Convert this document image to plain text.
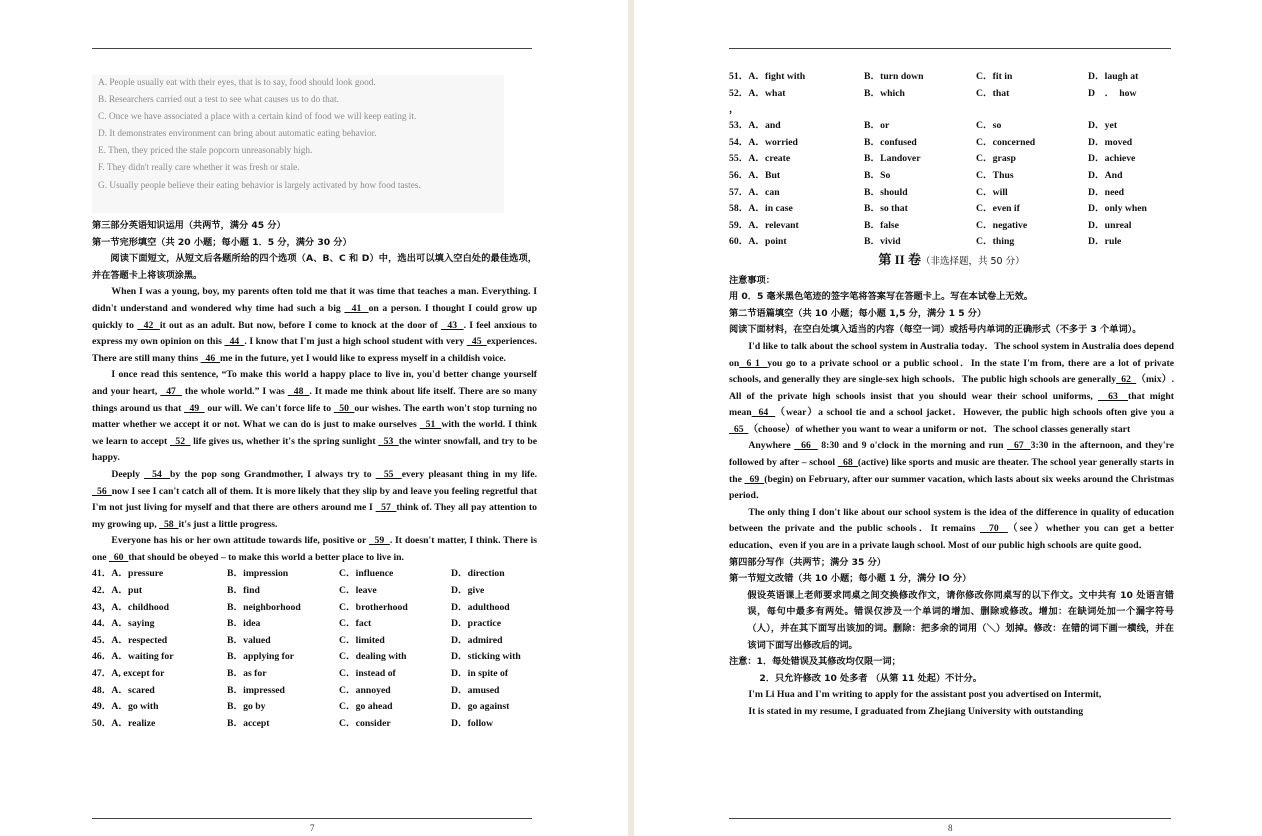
A. People usually eat with their eyes, that is to say, food should look good.
B. Researchers carried out a test to see what causes us to do that.
C. Once we have associated a place with a certain kind of food we will keep eating it.
D. It demonstrates environment can bring about automatic eating behavior.
E. Then, they priced the stale popcorn unreasonably high.
F. They didn't really care whether it was fresh or stale.
G. Usually people believe their eating behavior is largely activated by how food tastes.
第三部分英语知识运用（共两节，满分 45 分）
第一节完形填空（共 20 小题；每小题 1．5 分，满分 30 分）
阅读下面短文，从短文后各题所给的四个选项（A、B、C 和 D）中，选出可以填入空白处的最佳选项，并在答题卡上将该项涂黑。
When I was a young, boy, my parents often told me that it was time that teaches a man. Everything. I didn't understand and wondered why time had such a big   41  on a person. I thought I could grow up quickly to   42  it out as an adult. But now, before I come to knock at the door of   43  . I feel anxious to express my own opinion on this   44  . I know that I'm just a high school student with very   45  experiences. There are still many thins   46  me in the future, yet I would like to express myself in a childish voice.
I once read this sentence, “To make this world a happy place to live in, you'd better change yourself and your heart,   47   the whole world.” I was   48  . It made me think about life itself. There are so many things around us that   49   our will. We can't force life to   50  our wishes. The earth won't stop turning no matter whether we accept it or not. What we can do is just to make ourselves   51  with the world. I think we learn to accept   52   life gives us, whether it's the spring sunlight   53  the winter snowfall, and try to be happy.
Deeply   54  by the pop song Grandmother, I always try to   55  every pleasant thing in my life.   56  now I see I can't catch all of them. It is more likely that they slip by and leave you feeling regretful that I'm not just living for myself and that there are others around me I   57  think of. They all pay attention to my growing up,   58  it's just a little progress.
Everyone has his or her own attitude towards life, positive or   59  . It doesn't matter, I think. There is one   60  that should be obeyed – to make this world a better place to live in.
41．A．pressure	B．impression	C．influence	D．direction
42．A．put	B．find	C．leave	D．give
43，A．childhood	B．neighborhood	C．brotherhood	D．adulthood
44．A．saying	B．idea	C．fact	D．practice
45．A．respected	B．valued	C．limited	D．admired
46．A．waiting for	B．applying for	C．dealing with	D．sticking with
47．A, except for	B．as for	C．instead of	D．in spite of
48．A．scared	B．impressed	C．annoyed	D．amused
49．A．go with	B．go by	C．go ahead	D．go against
50．A．realize	B．accept	C．consider	D．follow
7
51．A．fight with	B．turn down	C．fit in	D．laugh at
52．A．what	B．which	C．that	D　．　how
，
53．A．and	B．or	C．so	D．yet
54．A．worried	B．confused	C．concerned	D．moved
55．A．create	B．Landover	C．grasp	D．achieve
56．A．But	B．So	C．Thus	D．And
57．A．can	B．should	C．will	D．need
58．A．in case	B．so that	C．even if	D．only when
59．A．relevant	B．false	C．negative	D．unreal
60．A．point	B．vivid	C．thing	D．rule
第 II 卷（非选择题，共 50 分）
注意事项：
用 0．5 毫米黑色笔迹的签字笔将答案写在答题卡上。写在本试卷上无效。
第二节语篇填空（共 10 小题；每小题 1,5 分，满分 1 5 分）
阅读下面材料，在空白处填入适当的内容（每空一词）或括号内单词的正确形式（不多于 3 个单词）。
I'd like to talk about the school system in Australia today．The school system in Australia does depend on  6 1  you go to a private school or a public school．In the state I'm from, there are a lot of private schools, and generally they are single-sex high schools．The public high schools are generally  62  （mix）. All of the private high schools insist that you should wear their school uniforms,   63  that might mean  64  （wear）a school tie and a school jacket．However, the public high schools often give you a   65  （choose）of whether you want to wear a uniform or not．The school classes generally start
Anywhere   66   8:30 and 9 o'clock in the morning and run   67  3:30 in the afternoon, and they're followed by after – school   68  (active) like sports and music are theater. The school year generally starts in the   69  (begin) on February, after our summer vacation, which lasts about six weeks around the Christmas period．
The only thing I don't like about our school system is the idea of the difference in quality of education between the private and the public schools．It remains   70  （see）whether you can get a better education、even if you are in a private laugh school. Most of our public high schools are quite good．
第四部分写作（共两节；满分 35 分）
第一节短文改错（共 10 小题；每小题 1 分，满分 lO 分）
假设英语课上老师要求同桌之间交换修改作文，请你修改你同桌写的以下作文。文中共有 10 处语言错误，每句中最多有两处。错误仅涉及一个单词的增加、删除或修改。增加：在缺词处加一个漏字符号（人），并在其下面写出该加的词。删除：把多余的词用（＼）划掉。修改：在错的词下画一横线，并在该词下面写出修改后的词。
注意：1．每处错误及其修改均仅限一词；
2．只允许修改 10 处多者 （从第 11 处起）不计分。
I'm Li Hua and I'm writing to apply for the assistant post you advertised on Intermit,
It is stated in my resume, I graduated from Zhejiang University with outstanding
8
